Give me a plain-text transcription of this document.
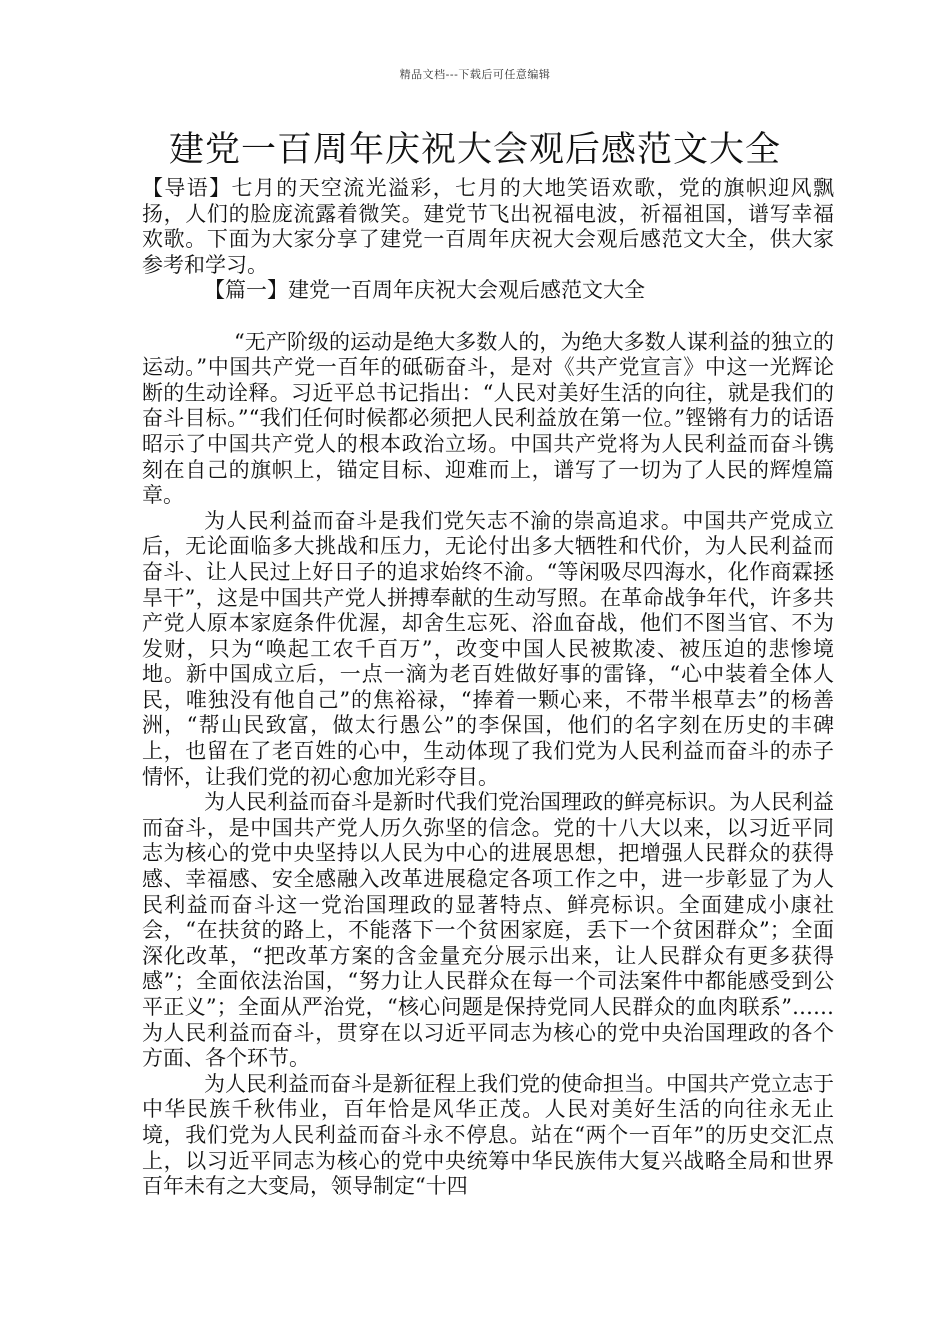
精品文档---下载后可任意编辑
建党一百周年庆祝大会观后感范文大全

【导语】七月的天空流光溢彩，七月的大地笑语欢歌，党的旗帜迎风飘扬，人们的脸庞流露着微笑。建党节飞出祝福电波，祈福祖国，谱写幸福欢歌。下面为大家分享了建党一百周年庆祝大会观后感范文大全，供大家参考和学习。

【篇一】建党一百周年庆祝大会观后感范文大全

“无产阶级的运动是绝大多数人的，为绝大多数人谋利益的独立的运动。”中国共产党一百年的砥砺奋斗，是对《共产党宣言》中这一光辉论断的生动诠释。习近平总书记指出：“人民对美好生活的向往，就是我们的奋斗目标。”“我们任何时候都必须把人民利益放在第一位。”铿锵有力的话语昭示了中国共产党人的根本政治立场。中国共产党将为人民利益而奋斗镌刻在自己的旗帜上，锚定目标、迎难而上，谱写了一切为了人民的辉煌篇章。

为人民利益而奋斗是我们党矢志不渝的崇高追求。中国共产党成立后，无论面临多大挑战和压力，无论付出多大牺牲和代价，为人民利益而奋斗、让人民过上好日子的追求始终不渝。“等闲吸尽四海水，化作商霖拯旱干”，这是中国共产党人拼搏奉献的生动写照。在革命战争年代，许多共产党人原本家庭条件优渥，却舍生忘死、浴血奋战，他们不图当官、不为发财，只为“唤起工农千百万”，改变中国人民被欺凌、被压迫的悲惨境地。新中国成立后，一点一滴为老百姓做好事的雷锋，“心中装着全体人民，唯独没有他自己”的焦裕禄，“捧着一颗心来，不带半根草去”的杨善洲，“帮山民致富，做太行愚公”的李保国，他们的名字刻在历史的丰碑上，也留在了老百姓的心中，生动体现了我们党为人民利益而奋斗的赤子情怀，让我们党的初心愈加光彩夺目。

为人民利益而奋斗是新时代我们党治国理政的鲜亮标识。为人民利益而奋斗，是中国共产党人历久弥坚的信念。党的十八大以来，以习近平同志为核心的党中央坚持以人民为中心的进展思想，把增强人民群众的获得感、幸福感、安全感融入改革进展稳定各项工作之中，进一步彰显了为人民利益而奋斗这一党治国理政的显著特点、鲜亮标识。全面建成小康社会，“在扶贫的路上，不能落下一个贫困家庭，丢下一个贫困群众”；全面深化改革，“把改革方案的含金量充分展示出来，让人民群众有更多获得感”；全面依法治国，“努力让人民群众在每一个司法案件中都能感受到公平正义”；全面从严治党，“核心问题是保持党同人民群众的血肉联系”……为人民利益而奋斗，贯穿在以习近平同志为核心的党中央治国理政的各个方面、各个环节。

为人民利益而奋斗是新征程上我们党的使命担当。中国共产党立志于中华民族千秋伟业，百年恰是风华正茂。人民对美好生活的向往永无止境，我们党为人民利益而奋斗永不停息。站在“两个一百年”的历史交汇点上，以习近平同志为核心的党中央统筹中华民族伟大复兴战略全局和世界百年未有之大变局，领导制定“十四
